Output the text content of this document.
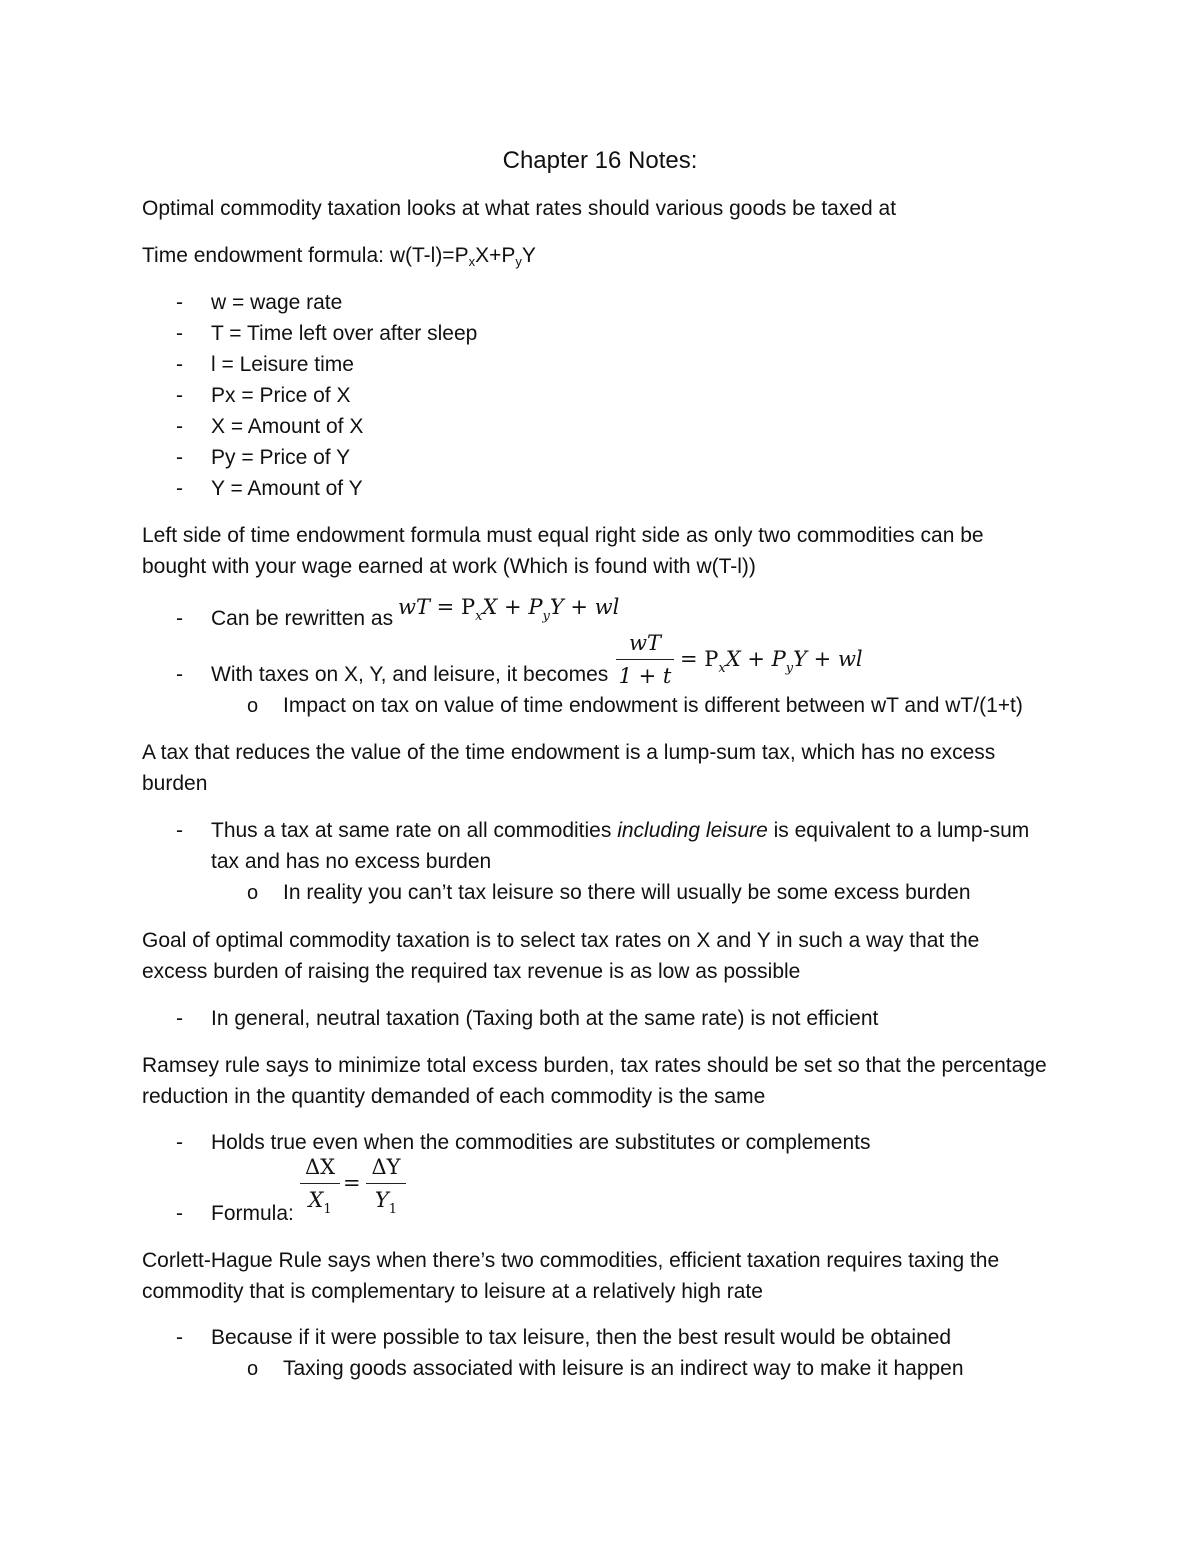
Chapter 16 Notes:
Optimal commodity taxation looks at what rates should various goods be taxed at
Time endowment formula: w(T-l)=PxX+PyY
- w = wage rate
- T = Time left over after sleep
- l = Leisure time
- Px = Price of X
- X = Amount of X
- Py = Price of Y
- Y = Amount of Y
Left side of time endowment formula must equal right side as only two commodities can be
bought with your wage earned at work (Which is found with w(T-l))
- Can be rewritten as wT = $P_xX + P_yY$ + wl
- With taxes on X, Y, and leisure, it becomes
wT
1 + t
= $P_xX + P_yY$ + wl
o Impact on tax on value of time endowment is different between wT and wT/(1+t)
A tax that reduces the value of the time endowment is a lump-sum tax, which has no excess
burden
- Thus a tax at same rate on all commodities including leisure is equivalent to a lump-sum
tax and has no excess burden
o In reality you can’t tax leisure so there will usually be some excess burden
Goal of optimal commodity taxation is to select tax rates on X and Y in such a way that the
excess burden of raising the required tax revenue is as low as possible
- In general, neutral taxation (Taxing both at the same rate) is not efficient
Ramsey rule says to minimize total excess burden, tax rates should be set so that the percentage
reduction in the quantity demanded of each commodity is the same
- Holds true even when the commodities are substitutes or complements
- Formula:
ΔX
$X_1$
=
ΔY
$Y_1$
Corlett-Hague Rule says when there’s two commodities, efficient taxation requires taxing the
commodity that is complementary to leisure at a relatively high rate
- Because if it were possible to tax leisure, then the best result would be obtained
o Taxing goods associated with leisure is an indirect way to make it happen
